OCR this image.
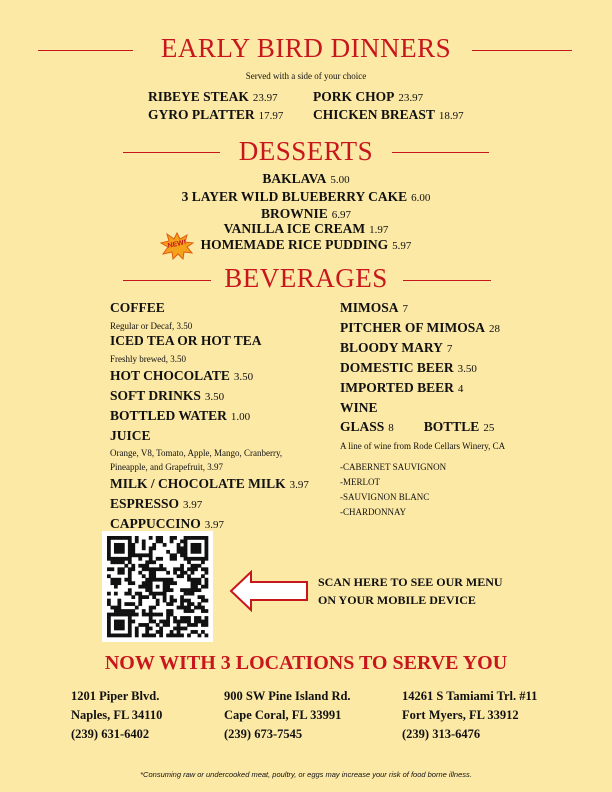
EARLY BIRD DINNERS
Served with a side of your choice
RIBEYE STEAK 23.97	PORK CHOP 23.97
GYRO PLATTER 17.97 CHICKEN BREAST 18.97
DESSERTS
BAKLAVA 5.00
3 LAYER WILD BLUEBERRY CAKE 6.00
BROWNIE 6.97
VANILLA ICE CREAM 1.97
HOMEMADE RICE PUDDING 5.97
NEW!
BEVERAGES
COFFEE
Regular or Decaf, 3.50
ICED TEA OR HOT TEA
Freshly brewed, 3.50
HOT CHOCOLATE 3.50
SOFT DRINKS 3.50
BOTTLED WATER 1.00
JUICE
Orange, V8, Tomato, Apple, Mango, Cranberry,
Pineapple, and Grapefruit, 3.97
MILK / CHOCOLATE MILK 3.97
ESPRESSO 3.97
CAPPUCCINO 3.97
MIMOSA 7
PITCHER OF MIMOSA 28
BLOODY MARY 7
DOMESTIC BEER 3.50
IMPORTED BEER 4
WINE
GLASS 8 BOTTLE 25
A line of wine from Rode Cellars Winery, CA
-CABERNET SAUVIGNON
-MERLOT
-SAUVIGNON BLANC
-CHARDONNAY
SCAN HERE TO SEE OUR MENU
ON YOUR MOBILE DEVICE
NOW WITH 3 LOCATIONS TO SERVE YOU
1201 Piper Blvd.
Naples, FL 34110
(239) 631-6402
900 SW Pine Island Rd.
Cape Coral, FL 33991
(239) 673-7545
14261 S Tamiami Trl. #11
Fort Myers, FL 33912
(239) 313-6476
*Consuming raw or undercooked meat, poultry, or eggs may increase your risk of food borne illness.
